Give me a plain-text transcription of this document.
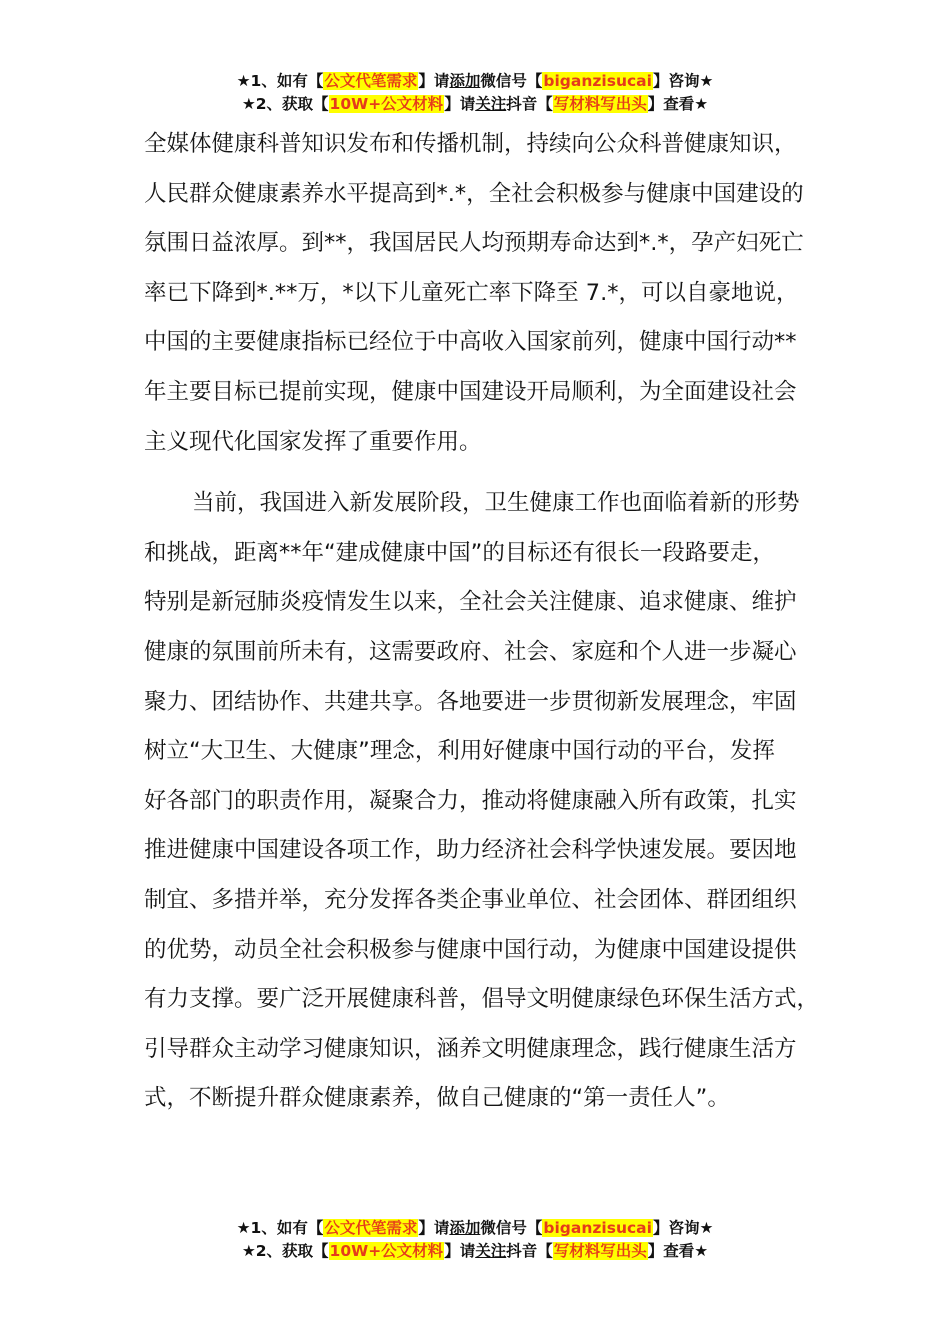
★1、如有【公文代笔需求】请添加微信号【biganzisucai】咨询★
★2、获取【10W+公文材料】请关注抖音【写材料写出头】查看★
全媒体健康科普知识发布和传播机制，持续向公众科普健康知识，
人民群众健康素养水平提高到*.*，全社会积极参与健康中国建设的
氛围日益浓厚。到**，我国居民人均预期寿命达到*.*，孕产妇死亡
率已下降到*.**万，*以下儿童死亡率下降至 7.*，可以自豪地说，
中国的主要健康指标已经位于中高收入国家前列，健康中国行动**
年主要目标已提前实现，健康中国建设开局顺利，为全面建设社会
主义现代化国家发挥了重要作用。
当前，我国进入新发展阶段，卫生健康工作也面临着新的形势
和挑战，距离**年“建成健康中国”的目标还有很长一段路要走，
特别是新冠肺炎疫情发生以来，全社会关注健康、追求健康、维护
健康的氛围前所未有，这需要政府、社会、家庭和个人进一步凝心
聚力、团结协作、共建共享。各地要进一步贯彻新发展理念，牢固
树立“大卫生、大健康”理念，利用好健康中国行动的平台，发挥
好各部门的职责作用，凝聚合力，推动将健康融入所有政策，扎实
推进健康中国建设各项工作，助力经济社会科学快速发展。要因地
制宜、多措并举，充分发挥各类企事业单位、社会团体、群团组织
的优势，动员全社会积极参与健康中国行动，为健康中国建设提供
有力支撑。要广泛开展健康科普，倡导文明健康绿色环保生活方式，
引导群众主动学习健康知识，涵养文明健康理念，践行健康生活方
式，不断提升群众健康素养，做自己健康的“第一责任人”。
★1、如有【公文代笔需求】请添加微信号【biganzisucai】咨询★
★2、获取【10W+公文材料】请关注抖音【写材料写出头】查看★
